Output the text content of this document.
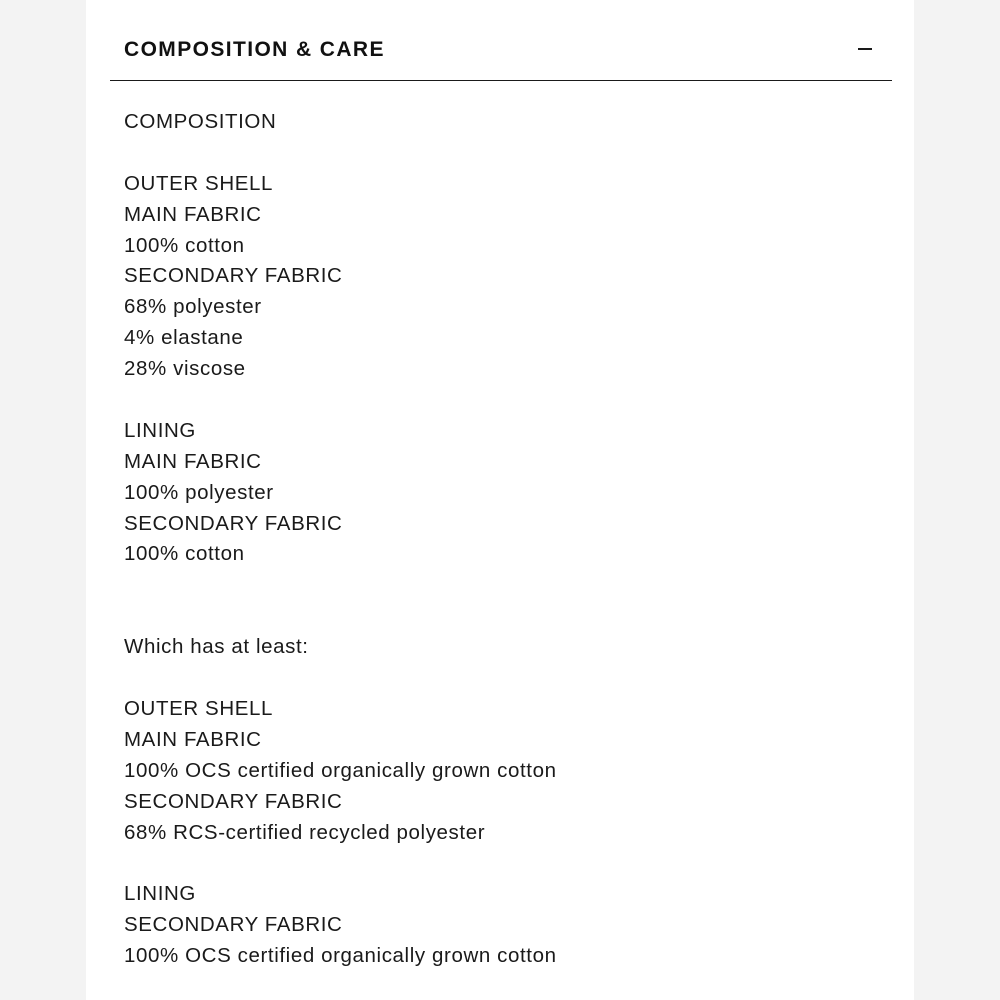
COMPOSITION & CARE
COMPOSITION
OUTER SHELL
MAIN FABRIC
100% cotton
SECONDARY FABRIC
68% polyester
4% elastane
28% viscose
LINING
MAIN FABRIC
100% polyester
SECONDARY FABRIC
100% cotton
Which has at least:
OUTER SHELL
MAIN FABRIC
100% OCS certified organically grown cotton
SECONDARY FABRIC
68% RCS-certified recycled polyester
LINING
SECONDARY FABRIC
100% OCS certified organically grown cotton
